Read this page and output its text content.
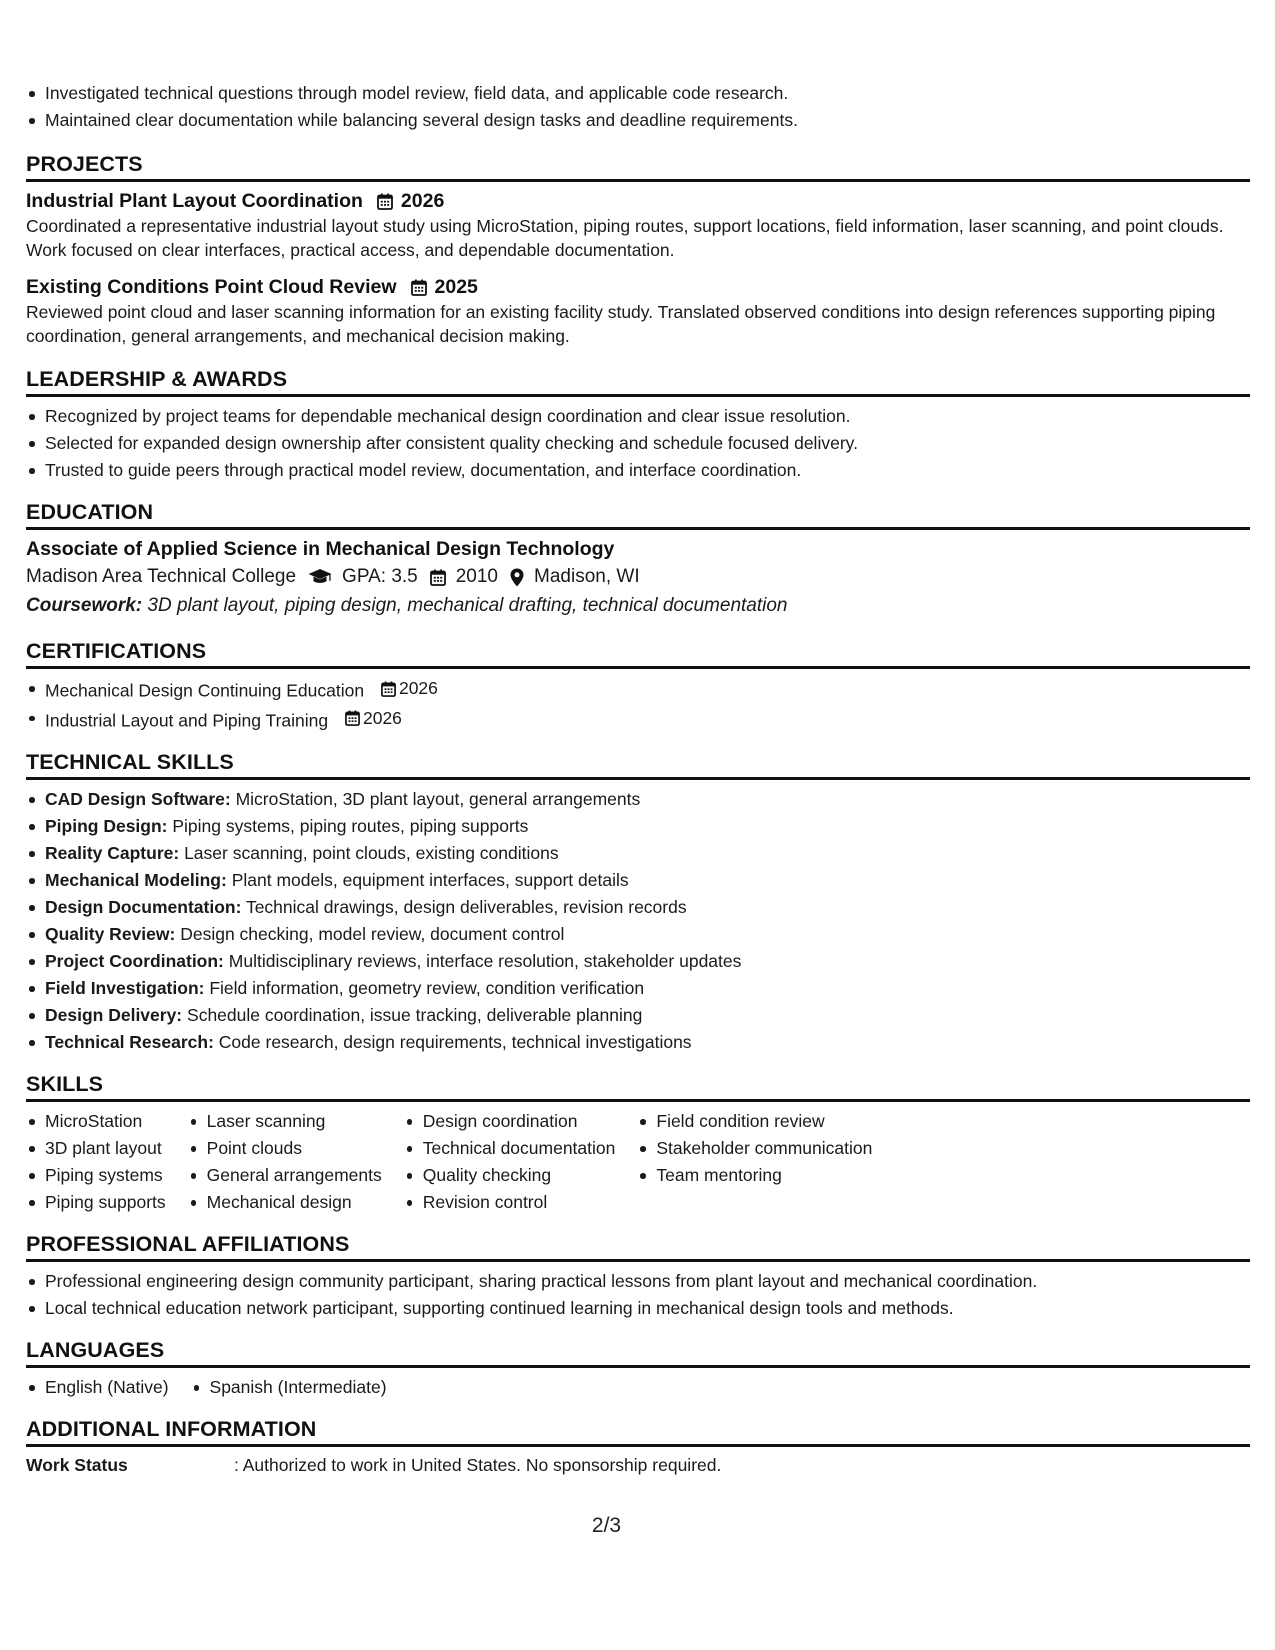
Investigated technical questions through model review, field data, and applicable code research.
Maintained clear documentation while balancing several design tasks and deadline requirements.
PROJECTS
Industrial Plant Layout Coordination 2026
Coordinated a representative industrial layout study using MicroStation, piping routes, support locations, field information, laser scanning, and point clouds. Work focused on clear interfaces, practical access, and dependable documentation.
Existing Conditions Point Cloud Review 2025
Reviewed point cloud and laser scanning information for an existing facility study. Translated observed conditions into design references supporting piping coordination, general arrangements, and mechanical decision making.
LEADERSHIP & AWARDS
Recognized by project teams for dependable mechanical design coordination and clear issue resolution.
Selected for expanded design ownership after consistent quality checking and schedule focused delivery.
Trusted to guide peers through practical model review, documentation, and interface coordination.
EDUCATION
Associate of Applied Science in Mechanical Design Technology
Madison Area Technical College GPA: 3.5 2010 Madison, WI
Coursework: 3D plant layout, piping design, mechanical drafting, technical documentation
CERTIFICATIONS
Mechanical Design Continuing Education 2026
Industrial Layout and Piping Training 2026
TECHNICAL SKILLS
CAD Design Software: MicroStation, 3D plant layout, general arrangements
Piping Design: Piping systems, piping routes, piping supports
Reality Capture: Laser scanning, point clouds, existing conditions
Mechanical Modeling: Plant models, equipment interfaces, support details
Design Documentation: Technical drawings, design deliverables, revision records
Quality Review: Design checking, model review, document control
Project Coordination: Multidisciplinary reviews, interface resolution, stakeholder updates
Field Investigation: Field information, geometry review, condition verification
Design Delivery: Schedule coordination, issue tracking, deliverable planning
Technical Research: Code research, design requirements, technical investigations
SKILLS
MicroStation
3D plant layout
Piping systems
Piping supports
Laser scanning
Point clouds
General arrangements
Mechanical design
Design coordination
Technical documentation
Quality checking
Revision control
Field condition review
Stakeholder communication
Team mentoring
PROFESSIONAL AFFILIATIONS
Professional engineering design community participant, sharing practical lessons from plant layout and mechanical coordination.
Local technical education network participant, supporting continued learning in mechanical design tools and methods.
LANGUAGES
English (Native)	Spanish (Intermediate)
ADDITIONAL INFORMATION
Work Status	: Authorized to work in United States. No sponsorship required.
2/3
